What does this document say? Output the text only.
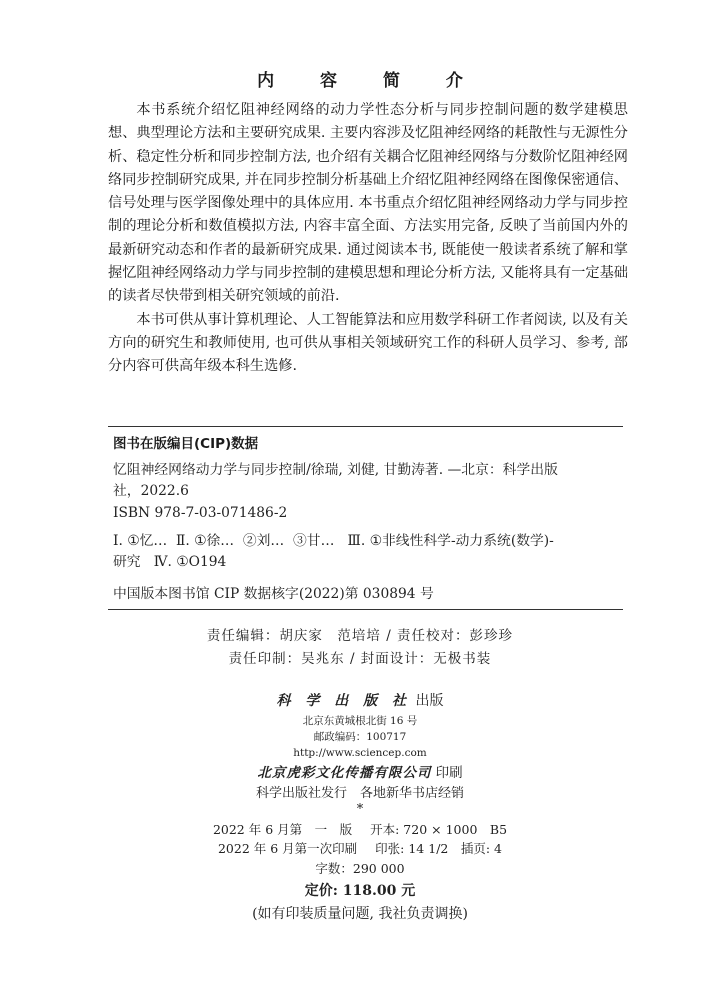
内 容 简 介

本书系统介绍忆阻神经网络的动力学性态分析与同步控制问题的数学建模思想、典型理论方法和主要研究成果. 主要内容涉及忆阻神经网络的耗散性与无源性分析、稳定性分析和同步控制方法, 也介绍有关耦合忆阻神经网络与分数阶忆阻神经网络同步控制研究成果, 并在同步控制分析基础上介绍忆阻神经网络在图像保密通信、信号处理与医学图像处理中的具体应用. 本书重点介绍忆阻神经网络动力学与同步控制的理论分析和数值模拟方法, 内容丰富全面、方法实用完备, 反映了当前国内外的最新研究动态和作者的最新研究成果. 通过阅读本书, 既能使一般读者系统了解和掌握忆阻神经网络动力学与同步控制的建模思想和理论分析方法, 又能将具有一定基础的读者尽快带到相关研究领域的前沿.

本书可供从事计算机理论、人工智能算法和应用数学科研工作者阅读, 以及有关方向的研究生和教师使用, 也可供从事相关领域研究工作的科研人员学习、参考, 部分内容可供高年级本科生选修.

图书在版编目(CIP)数据
忆阻神经网络动力学与同步控制/徐瑞, 刘健, 甘勤涛著. —北京：科学出版
社，2022.6
ISBN 978-7-03-071486-2
Ⅰ. ①忆…  Ⅱ. ①徐…  ②刘…  ③甘…   Ⅲ. ①非线性科学-动力系统(数学)-
研究   Ⅳ. ①O194
中国版本图书馆 CIP 数据核字(2022)第 030894 号
责任编辑：胡庆家　范培培 / 责任校对：彭珍珍
责任印制：吴兆东 / 封面设计：无极书装
科 学 出 版 社 出版
北京东黄城根北街 16 号
邮政编码：100717
http://www.sciencep.com
北京虎彩文化传播有限公司 印刷
科学出版社发行　各地新华书店经销
*
2022 年 6 月第　一　版 开本: 720 × 1000　B5
2022 年 6 月第一次印刷 印张: 14 1/2　插页: 4
字数：290 000
定价: 118.00 元
(如有印装质量问题, 我社负责调换)
